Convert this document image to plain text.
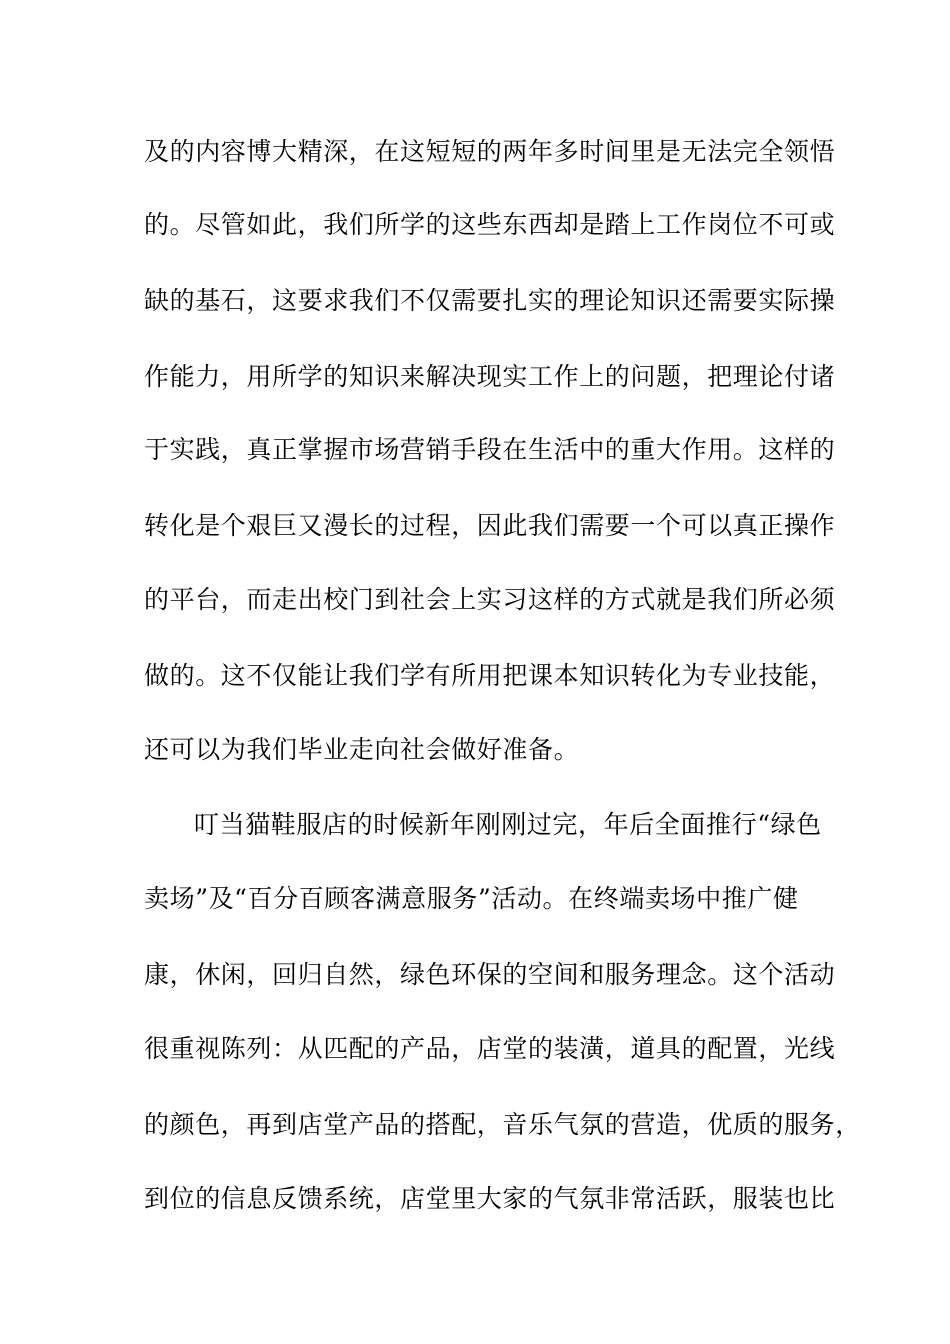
及的内容博大精深，在这短短的两年多时间里是无法完全领悟
的。尽管如此，我们所学的这些东西却是踏上工作岗位不可或
缺的基石，这要求我们不仅需要扎实的理论知识还需要实际操
作能力，用所学的知识来解决现实工作上的问题，把理论付诸
于实践，真正掌握市场营销手段在生活中的重大作用。这样的
转化是个艰巨又漫长的过程，因此我们需要一个可以真正操作
的平台，而走出校门到社会上实习这样的方式就是我们所必须
做的。这不仅能让我们学有所用把课本知识转化为专业技能，
还可以为我们毕业走向社会做好准备。
叮当猫鞋服店的时候新年刚刚过完，年后全面推行“绿色
卖场”及“百分百顾客满意服务”活动。在终端卖场中推广健
康，休闲，回归自然，绿色环保的空间和服务理念。这个活动
很重视陈列：从匹配的产品，店堂的装潢，道具的配置，光线
的颜色，再到店堂产品的搭配，音乐气氛的营造，优质的服务，
到位的信息反馈系统，店堂里大家的气氛非常活跃，服装也比
